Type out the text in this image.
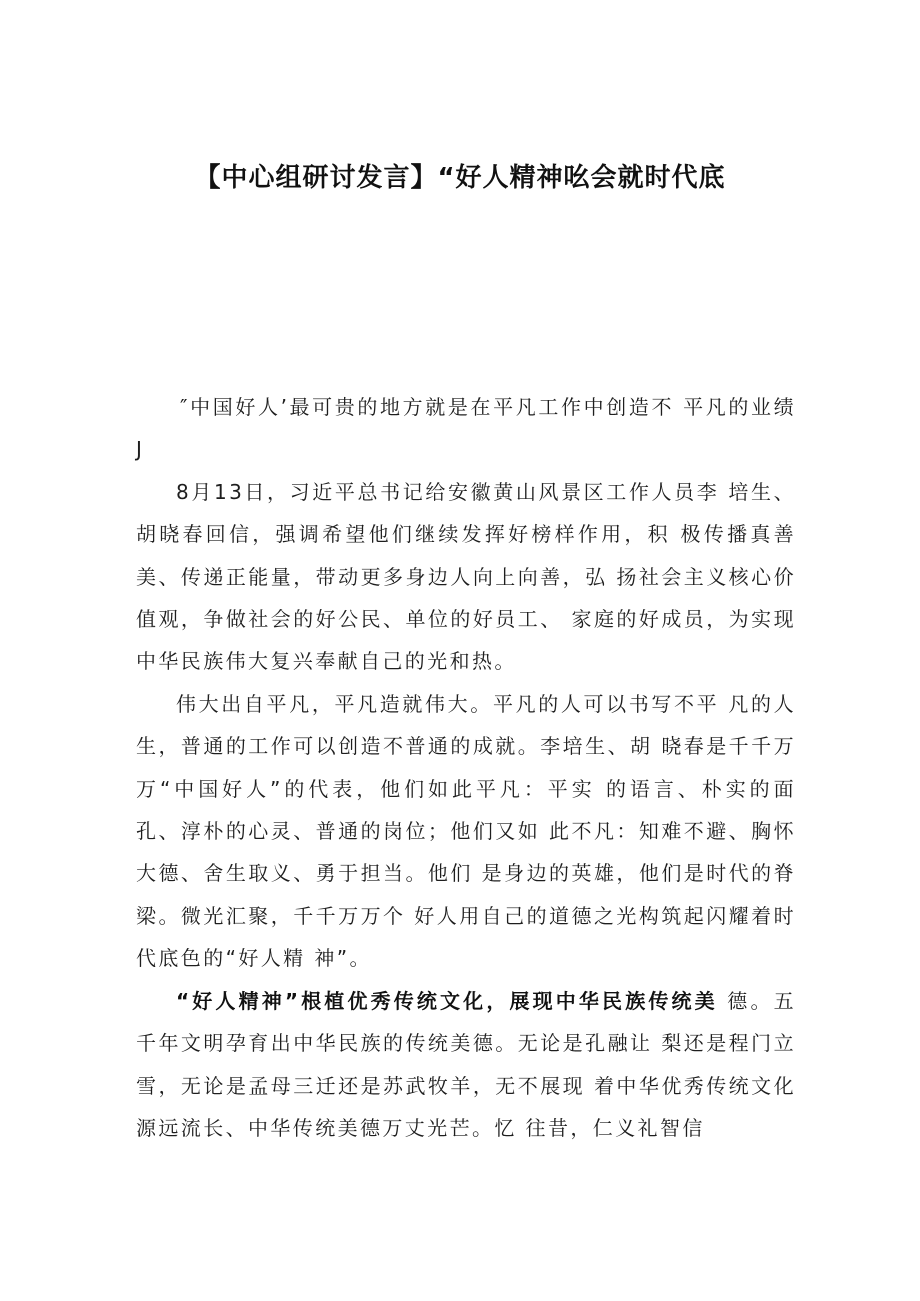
【中心组研讨发言】“好人精神吆会就时代底

″中国好人’最可贵的地方就是在平凡工作中创造不 平凡的业绩J

8月13日，习近平总书记给安徽黄山风景区工作人员李 培生、胡晓春回信，强调希望他们继续发挥好榜样作用，积 极传播真善美、传递正能量，带动更多身边人向上向善，弘 扬社会主义核心价值观，争做社会的好公民、单位的好员工、 家庭的好成员，为实现中华民族伟大复兴奉献自己的光和热。

伟大出自平凡，平凡造就伟大。平凡的人可以书写不平 凡的人生，普通的工作可以创造不普通的成就。李培生、胡 晓春是千千万万“中国好人”的代表，他们如此平凡：平实 的语言、朴实的面孔、淳朴的心灵、普通的岗位；他们又如 此不凡：知难不避、胸怀大德、舍生取义、勇于担当。他们 是身边的英雄，他们是时代的脊梁。微光汇聚，千千万万个 好人用自己的道德之光构筑起闪耀着时代底色的“好人精 神”。

“好人精神”根植优秀传统文化，展现中华民族传统美 德。五千年文明孕育出中华民族的传统美德。无论是孔融让 梨还是程门立雪，无论是孟母三迁还是苏武牧羊，无不展现 着中华优秀传统文化源远流长、中华传统美德万丈光芒。忆 往昔，仁义礼智信
